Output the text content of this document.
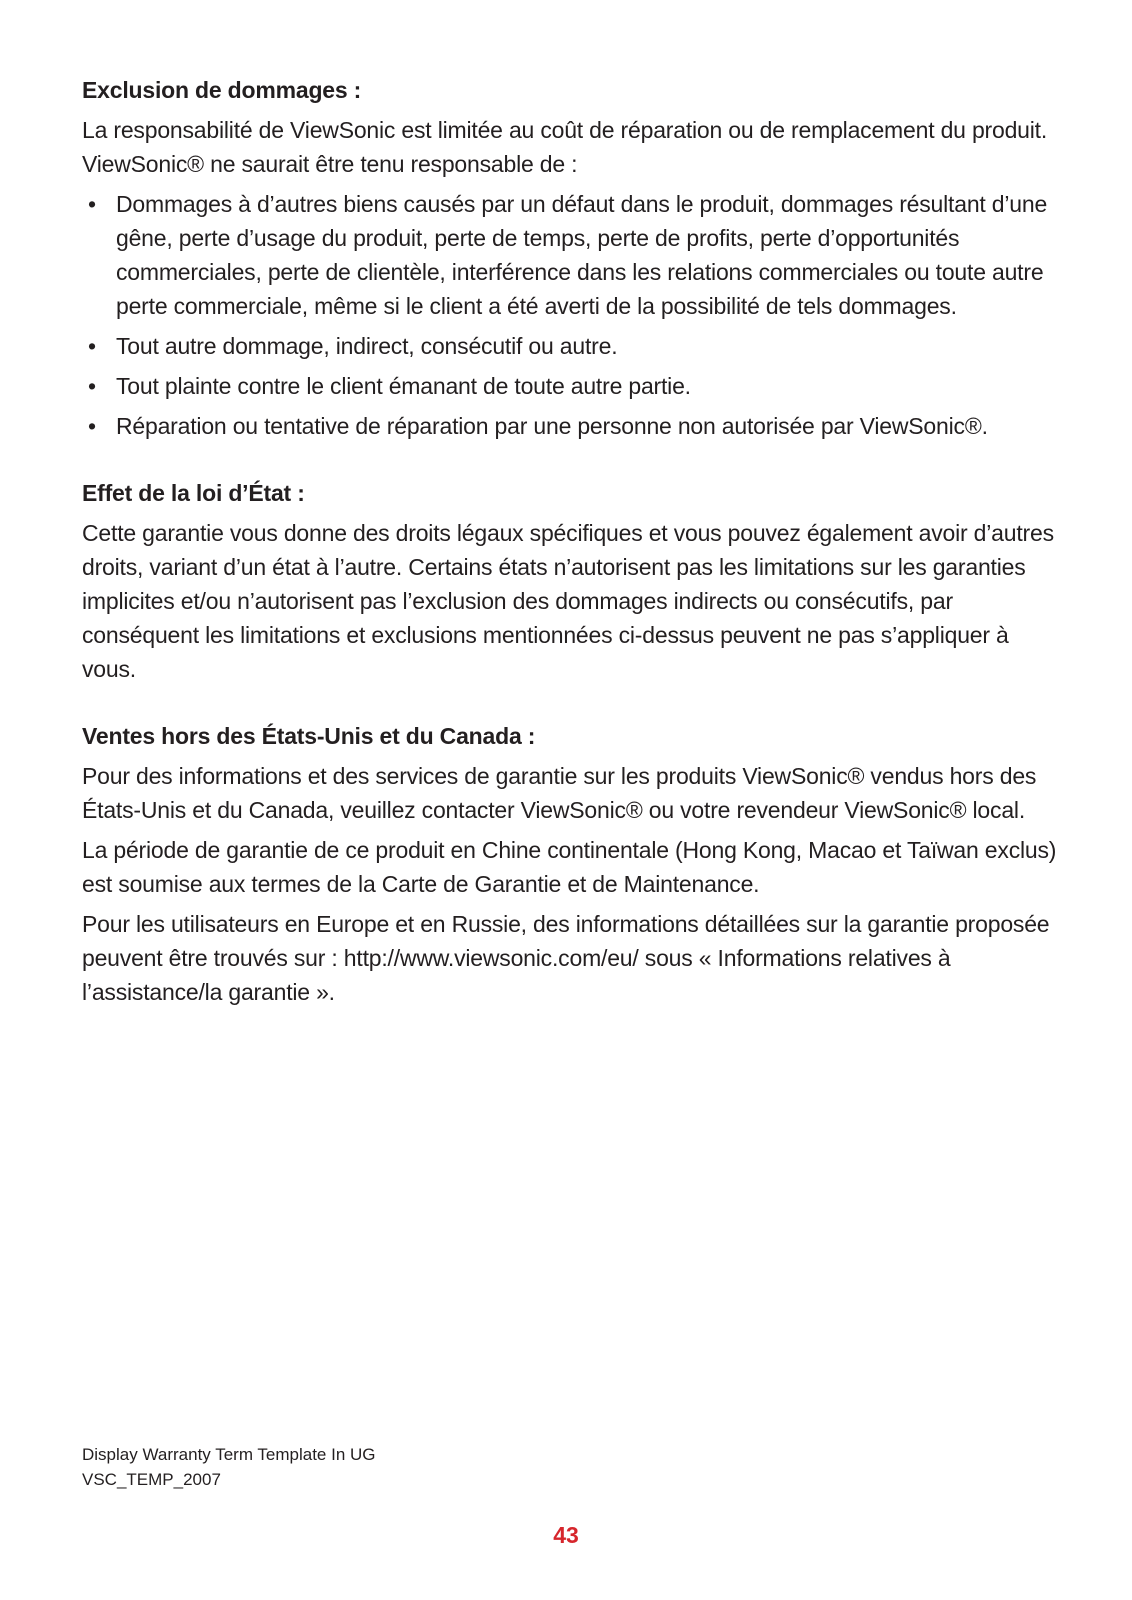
Exclusion de dommages :

La responsabilité de ViewSonic est limitée au coût de réparation ou de remplacement du produit. ViewSonic® ne saurait être tenu responsable de :

• Dommages à d’autres biens causés par un défaut dans le produit, dommages résultant d’une gêne, perte d’usage du produit, perte de temps, perte de profits, perte d’opportunités commerciales, perte de clientèle, interférence dans les relations commerciales ou toute autre perte commerciale, même si le client a été averti de la possibilité de tels dommages.
• Tout autre dommage, indirect, consécutif ou autre.
• Tout plainte contre le client émanant de toute autre partie.
• Réparation ou tentative de réparation par une personne non autorisée par ViewSonic®.
Effet de la loi d’État :

Cette garantie vous donne des droits légaux spécifiques et vous pouvez également avoir d’autres droits, variant d’un état à l’autre. Certains états n’autorisent pas les limitations sur les garanties implicites et/ou n’autorisent pas l’exclusion des dommages indirects ou consécutifs, par conséquent les limitations et exclusions mentionnées ci-dessus peuvent ne pas s’appliquer à vous.

Ventes hors des États-Unis et du Canada :

Pour des informations et des services de garantie sur les produits ViewSonic® vendus hors des États-Unis et du Canada, veuillez contacter ViewSonic® ou votre revendeur ViewSonic® local.

La période de garantie de ce produit en Chine continentale (Hong Kong, Macao et Taïwan exclus) est soumise aux termes de la Carte de Garantie et de Maintenance.

Pour les utilisateurs en Europe et en Russie, des informations détaillées sur la garantie proposée peuvent être trouvés sur : http://www.viewsonic.com/eu/ sous « Informations relatives à l’assistance/la garantie ».

Display Warranty Term Template In UG
VSC_TEMP_2007
43
